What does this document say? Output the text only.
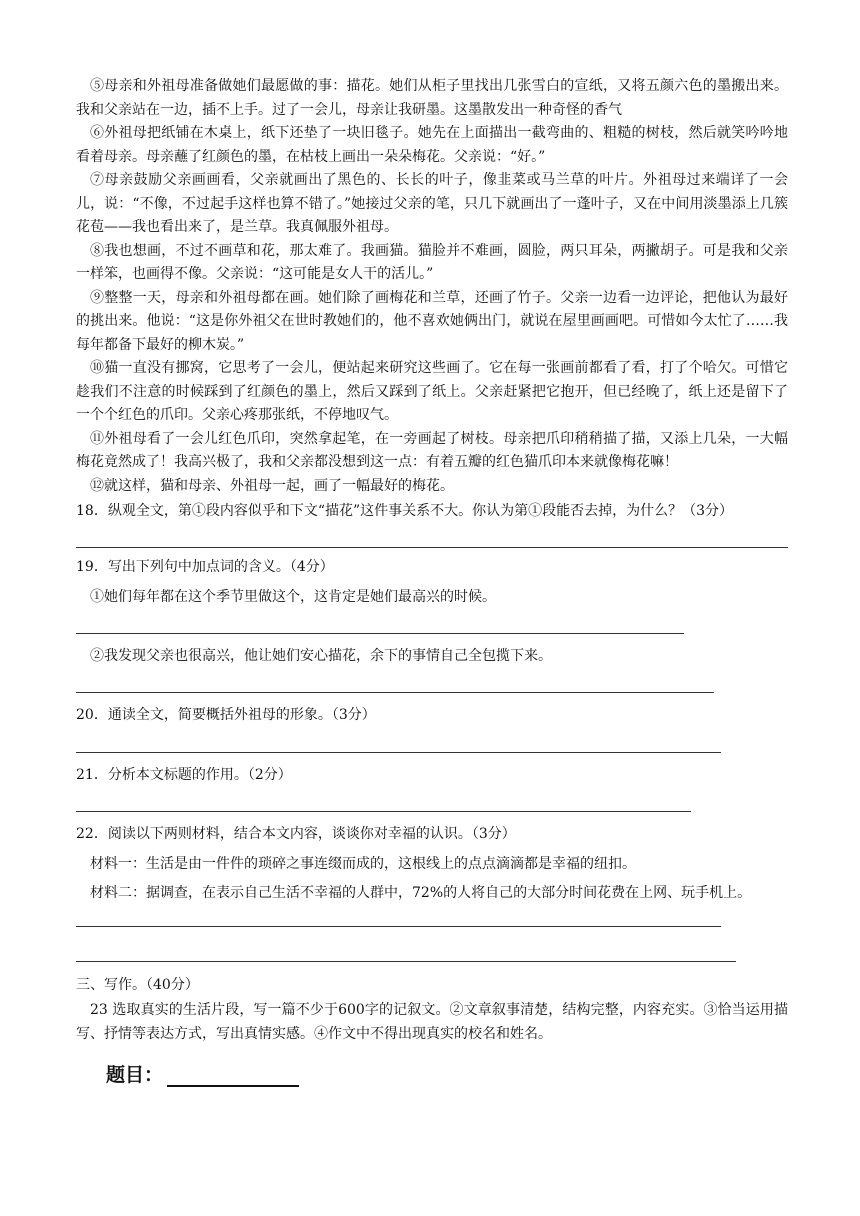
⑤母亲和外祖母准备做她们最愿做的事：描花。她们从柜子里找出几张雪白的宣纸，又将五颜六色的墨搬出来。我和父亲站在一边，插不上手。过了一会儿，母亲让我研墨。这墨散发出一种奇怪的香气

⑥外祖母把纸铺在木桌上，纸下还垫了一块旧毯子。她先在上面描出一截弯曲的、粗糙的树枝，然后就笑吟吟地看着母亲。母亲蘸了红颜色的墨，在枯枝上画出一朵朵梅花。父亲说：“好。”

⑦母亲鼓励父亲画画看，父亲就画出了黑色的、长长的叶子，像韭菜或马兰草的叶片。外祖母过来端详了一会儿，说：“不像，不过起手这样也算不错了。”她接过父亲的笔，只几下就画出了一蓬叶子，又在中间用淡墨添上几簇花苞——我也看出来了，是兰草。我真佩服外祖母。

⑧我也想画，不过不画草和花，那太难了。我画猫。猫脸并不难画，圆脸，两只耳朵，两撇胡子。可是我和父亲一样笨，也画得不像。父亲说：“这可能是女人干的活儿。”

⑨整整一天，母亲和外祖母都在画。她们除了画梅花和兰草，还画了竹子。父亲一边看一边评论，把他认为最好的挑出来。他说：“这是你外祖父在世时教她们的，他不喜欢她俩出门，就说在屋里画画吧。可惜如今太忙了……我每年都备下最好的柳木炭。”

⑩猫一直没有挪窝，它思考了一会儿，便站起来研究这些画了。它在每一张画前都看了看，打了个哈欠。可惜它趁我们不注意的时候踩到了红颜色的墨上，然后又踩到了纸上。父亲赶紧把它抱开，但已经晚了，纸上还是留下了一个个红色的爪印。父亲心疼那张纸，不停地叹气。

⑪外祖母看了一会儿红色爪印，突然拿起笔，在一旁画起了树枝。母亲把爪印稍稍描了描，又添上几朵，一大幅梅花竟然成了！我高兴极了，我和父亲都没想到这一点：有着五瓣的红色猫爪印本来就像梅花嘛！

⑫就这样，猫和母亲、外祖母一起，画了一幅最好的梅花。

18．纵观全文，第①段内容似乎和下文“描花”这件事关系不大。你认为第①段能否去掉，为什么？（3分）

19．写出下列句中加点词的含义。（4分）

①她们每年都在这个季节里做这个，这肯定是她们最高 ·兴 ·的时候。

②我发现父亲也很高 ·兴 ·，他让她们安心描花，余下的事情自己全包揽下来。

20．通读全文，简要概括外祖母的形象。（3分）

21．分析本文标题的作用。（2分）

22．阅读以下两则材料，结合本文内容，谈谈你对幸福的认识。（3分）

材料一：生活是由一件件的琐碎之事连缀而成的，这根线上的点点滴滴都是幸福的纽扣。

材料二：据调查，在表示自己生活不幸福的人群中，72%的人将自己的大部分时间花费在上网、玩手机上。

三、写作。（40分）

23 选取真实的生活片段，写一篇不少于600字的记叙文。②文章叙事清楚，结构完整，内容充实。③恰当运用描写、抒情等表达方式，写出真情实感。④作文中不得出现真实的校名和姓名。

题目：
